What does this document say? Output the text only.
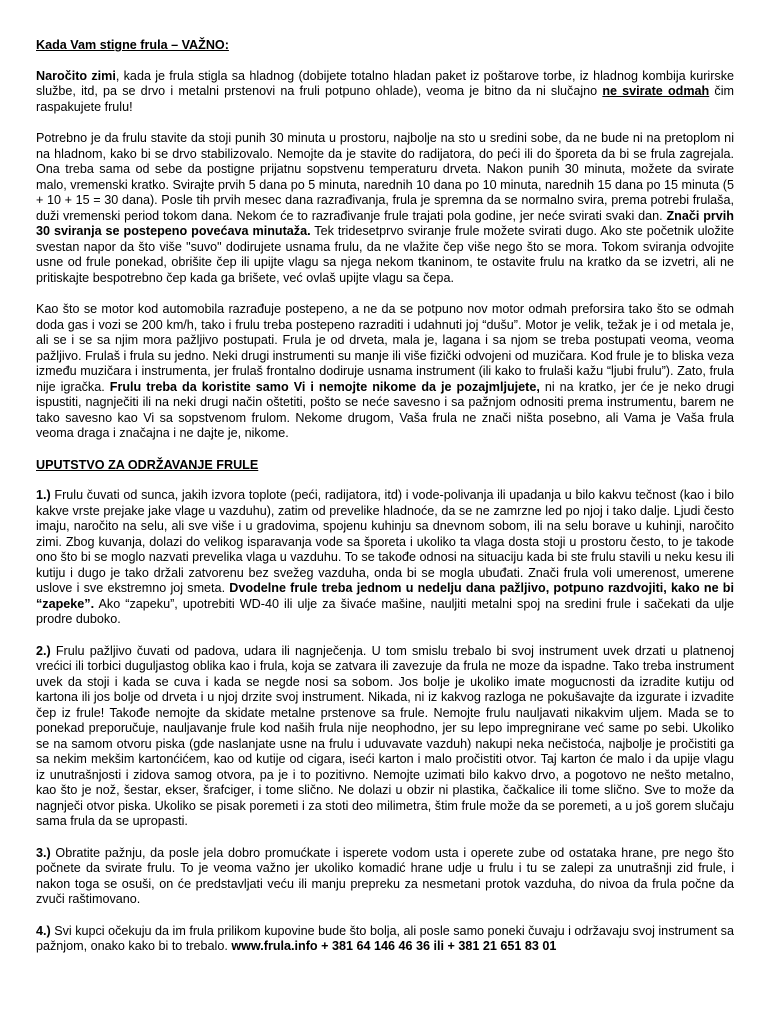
Kada Vam stigne frula – VAŽNO:

Naročito zimi, kada je frula stigla sa hladnog (dobijete totalno hladan paket iz poštarove torbe, iz hladnog kombija kurirske službe, itd, pa se drvo i metalni prstenovi na fruli potpuno ohlade), veoma je bitno da ni slučajno ne svirate odmah čim raspakujete frulu!

Potrebno je da frulu stavite da stoji punih 30 minuta u prostoru, najbolje na sto u sredini sobe, da ne bude ni na pretoplom ni na hladnom, kako bi se drvo stabilizovalo. Nemojte da je stavite do radijatora, do peći ili do šporeta da bi se frula zagrejala. Ona treba sama od sebe da postigne prijatnu sopstvenu temperaturu drveta. Nakon punih 30 minuta, možete da svirate malo, vremenski kratko. Svirajte prvih 5 dana po 5 minuta, narednih 10 dana po 10 minuta, narednih 15 dana po 15 minuta (5 + 10 + 15 = 30 dana). Posle tih prvih mesec dana razrađivanja, frula je spremna da se normalno svira, prema potrebi frulaša, duži vremenski period tokom dana. Nekom će to razrađivanje frule trajati pola godine, jer neće svirati svaki dan. Znači prvih 30 sviranja se postepeno povećava minutaža. Tek tridesetprvo sviranje frule možete svirati dugo. Ako ste početnik uložite svestan napor da što više "suvo" dodirujete usnama frulu, da ne vlažite čep više nego što se mora. Tokom sviranja odvojite usne od frule ponekad, obrišite čep ili upijte vlagu sa njega nekom tkaninom, te ostavite frulu na kratko da se izvetri, ali ne pritiskajte bespotrebno čep kada ga brišete, već ovlaš upijte vlagu sa čepa.

Kao što se motor kod automobila razrađuje postepeno, a ne da se potpuno nov motor odmah preforsira tako što se odmah doda gas i vozi se 200 km/h, tako i frulu treba postepeno razraditi i udahnuti joj “dušu”. Motor je velik, težak je i od metala je, ali se i se sa njim mora pažljivo postupati. Frula je od drveta, mala je, lagana i sa njom se treba postupati veoma, veoma pažljivo. Frulaš i frula su jedno. Neki drugi instrumenti su manje ili više fizički odvojeni od muzičara. Kod frule je to bliska veza između muzičara i instrumenta, jer frulaš frontalno dodiruje usnama instrument (ili kako to frulaši kažu “lјubi frulu”). Zato, frula nije igračka. Frulu treba da koristite samo Vi i nemojte nikome da je pozajmljujete, ni na kratko, jer će je neko drugi ispustiti, nagnječiti ili na neki drugi način oštetiti, pošto se neće savesno i sa pažnjom odnositi prema instrumentu, barem ne tako savesno kao Vi sa sopstvenom frulom. Nekome drugom, Vaša frula ne znači ništa posebno, ali Vama je Vaša frula veoma draga i značajna i ne dajte je, nikome.

UPUTSTVO ZA ODRŽAVANJE FRULE

1.) Frulu čuvati od sunca, jakih izvora toplote (peći, radijatora, itd) i vode-polivanja ili upadanja u bilo kakvu tečnost (kao i bilo kakve vrste prejake jake vlage u vazduhu), zatim od prevelike hladnoće, da se ne zamrzne led po njoj i tako dalje. Ljudi često imaju, naročito na selu, ali sve više i u gradovima, spojenu kuhinju sa dnevnom sobom, ili na selu borave u kuhinji, naročito zimi. Zbog kuvanja, dolazi do velikog isparavanja vode sa šporeta i ukoliko ta vlaga dosta stoji u prostoru često, to je takode ono što bi se moglo nazvati prevelika vlaga u vazduhu. To se takođe odnosi na situaciju kada bi ste frulu stavili u neku kesu ili kutiju i dugo je tako držali zatvorenu bez svežeg vazduha, onda bi se mogla ubuđati. Znači frula voli umerenost, umerene uslove i sve ekstremno joj smeta. Dvodelne frule treba jednom u nedelju dana pažljivo, potpuno razdvojiti, kako ne bi “zapeke”. Ako “zapeku”, upotrebiti WD-40 ili ulje za šivaće mašine, nauljiti metalni spoj na sredini frule i sačekati da ulje prodre duboko.

2.) Frulu pažljivo čuvati od padova, udara ili nagnječenja. U tom smislu trebalo bi svoj instrument uvek drzati u platnenoj vrećici ili torbici duguljastog oblika kao i frula, koja se zatvara ili zavezuje da frula ne moze da ispadne. Tako treba instrument uvek da stoji i kada se cuva i kada se negde nosi sa sobom. Jos bolje je ukoliko imate mogucnosti da izradite kutiju od kartona ili jos bolje od drveta i u njoj drzite svoj instrument. Nikada, ni iz kakvog razloga ne pokušavajte da izgurate i izvadite čep iz frule! Takođe nemojte da skidate metalne prstenove sa frule. Nemojte frulu nauljavati nikakvim uljem. Mada se to ponekad preporučuje, nauljavanje frule kod naših frula nije neophodno, jer su lepo impregnirane već same po sebi. Ukoliko se na samom otvoru piska (gde naslanjate usne na frulu i uduvavate vazduh) nakupi neka nečistoća, najbolje je pročistiti ga sa nekim mekšim kartonćićem, kao od kutije od cigara, iseći karton i malo pročistiti otvor. Taj karton će malo i da upije vlagu iz unutrašnjosti i zidova samog otvora, pa je i to pozitivno. Nemojte uzimati bilo kakvo drvo, a pogotovo ne nešto metalno, kao što je nož, šestar, ekser, šrafciger, i tome slično. Ne dolazi u obzir ni plastika, čačkalice ili tome slično. Sve to može da nagnječi otvor piska. Ukoliko se pisak poremeti i za stoti deo milimetra, štim frule može da se poremeti, a u još gorem slučaju sama frula da se upropasti.

3.) Obratite pažnju, da posle jela dobro promućkate i isperete vodom usta i operete zube od ostataka hrane, pre nego što počnete da svirate frulu. To je veoma važno jer ukoliko komadić hrane udje u frulu i tu se zalepi za unutrašnji zid frule, i nakon toga se osuši, on će predstavljati veću ili manju prepreku za nesmetani protok vazduha, do nivoa da frula počne da zvuči raštimovano.

4.) Svi kupci očekuju da im frula prilikom kupovine bude što bolja, ali posle samo poneki čuvaju i održavaju svoj instrument sa pažnjom, onako kako bi to trebalo. www.frula.info + 381 64 146 46 36 ili + 381 21 651 83 01
